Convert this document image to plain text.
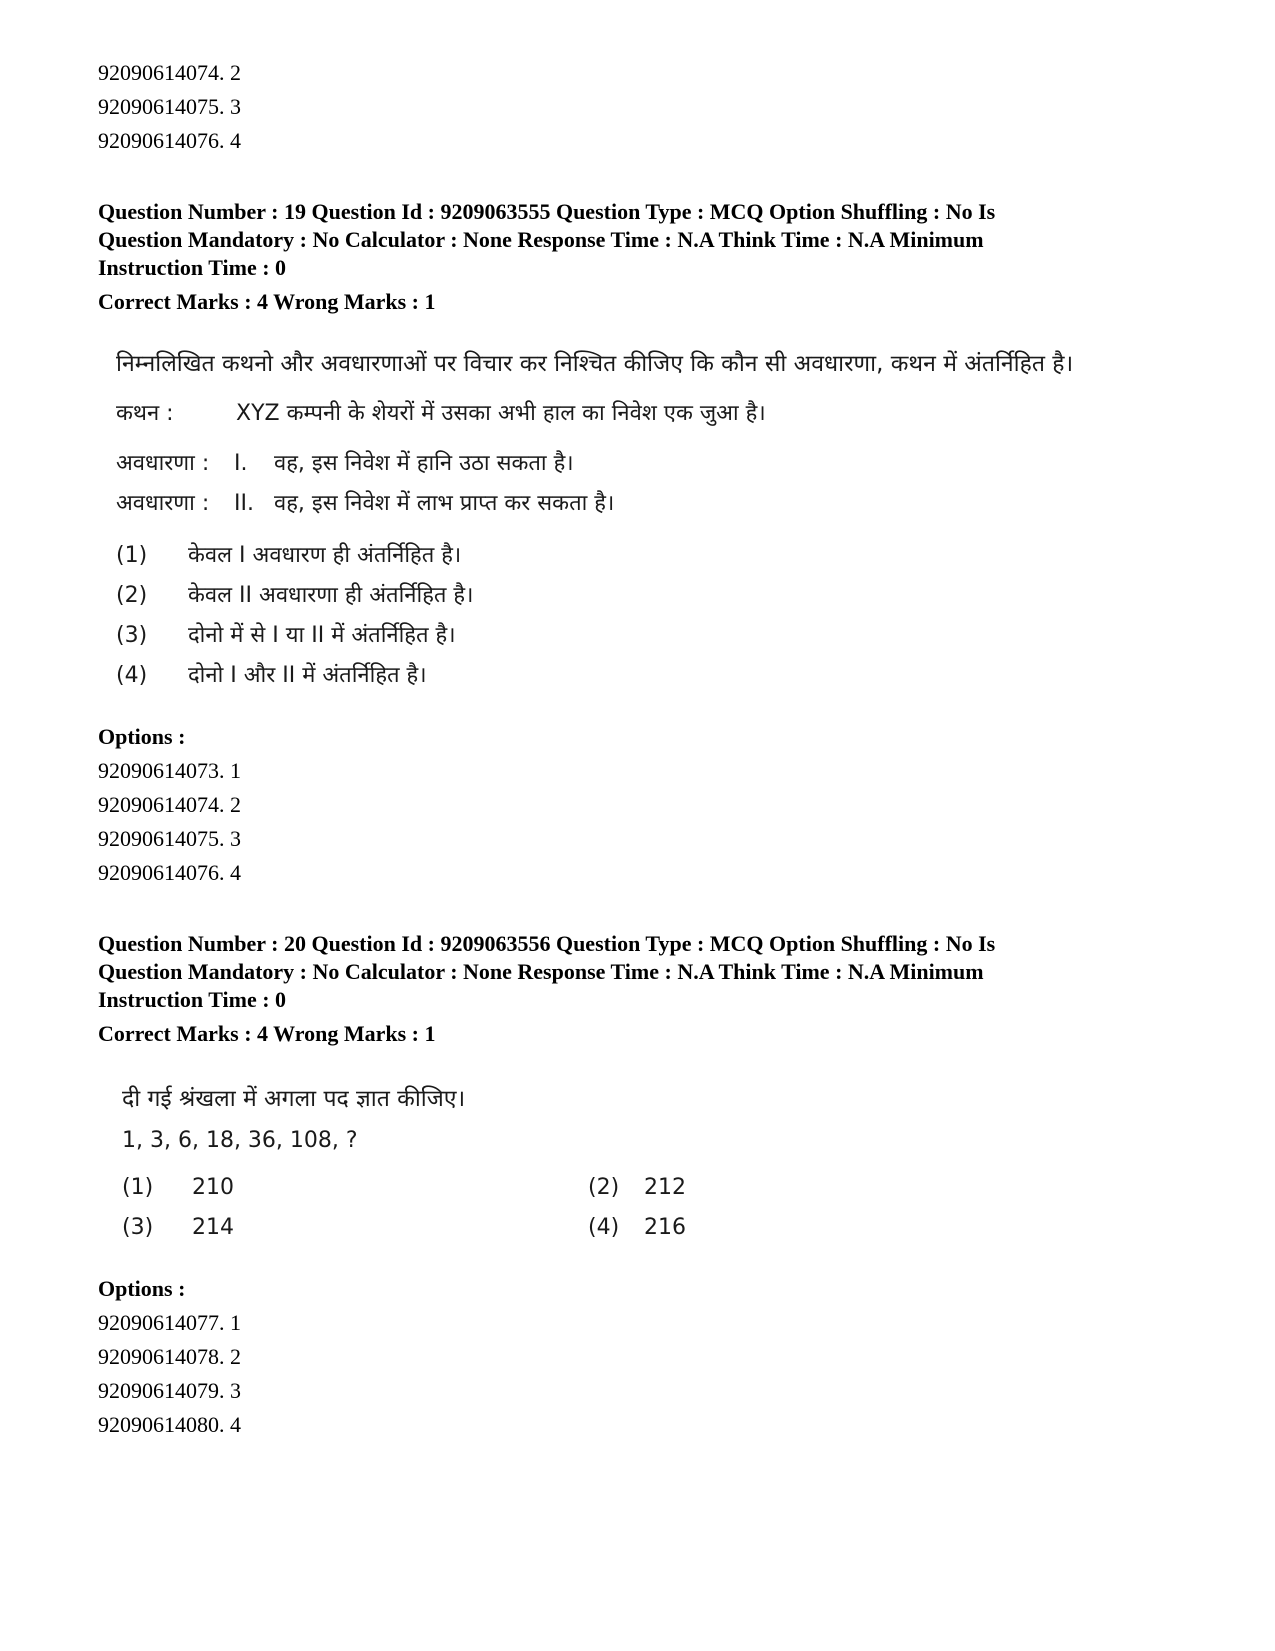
92090614074. 2

92090614075. 3

92090614076. 4

Question Number : 19 Question Id : 9209063555 Question Type : MCQ Option Shuffling : No Is

Question Mandatory : No Calculator : None Response Time : N.A Think Time : N.A Minimum

Instruction Time : 0

Correct Marks : 4 Wrong Marks : 1

निम्नलिखित कथनो और अवधारणाओं पर विचार कर निश्चित कीजिए कि कौन सी अवधारणा, कथन में अंतर्निहित है।
कथन :	XYZ कम्पनी के शेयरों में उसका अभी हाल का निवेश एक जुआ है।
अवधारणा :	I.	वह, इस निवेश में हानि उठा सकता है।
अवधारणा :	II. वह, इस निवेश में लाभ प्राप्त कर सकता है।
(1)	केवल I अवधारण ही अंतर्निहित है।
(2)	केवल II अवधारणा ही अंतर्निहित है।
(3)	दोनो में से I या II में अंतर्निहित है।
(4)	दोनो I और II में अंतर्निहित है।

Options :

92090614073. 1

92090614074. 2

92090614075. 3

92090614076. 4

Question Number : 20 Question Id : 9209063556 Question Type : MCQ Option Shuffling : No Is

Question Mandatory : No Calculator : None Response Time : N.A Think Time : N.A Minimum

Instruction Time : 0

Correct Marks : 4 Wrong Marks : 1

दी गई श्रंखला में अगला पद ज्ञात कीजिए।
1, 3, 6, 18, 36, 108, ?
(1)	210	(2)	212
(3)	214	(4)	216

Options :

92090614077. 1

92090614078. 2

92090614079. 3

92090614080. 4
